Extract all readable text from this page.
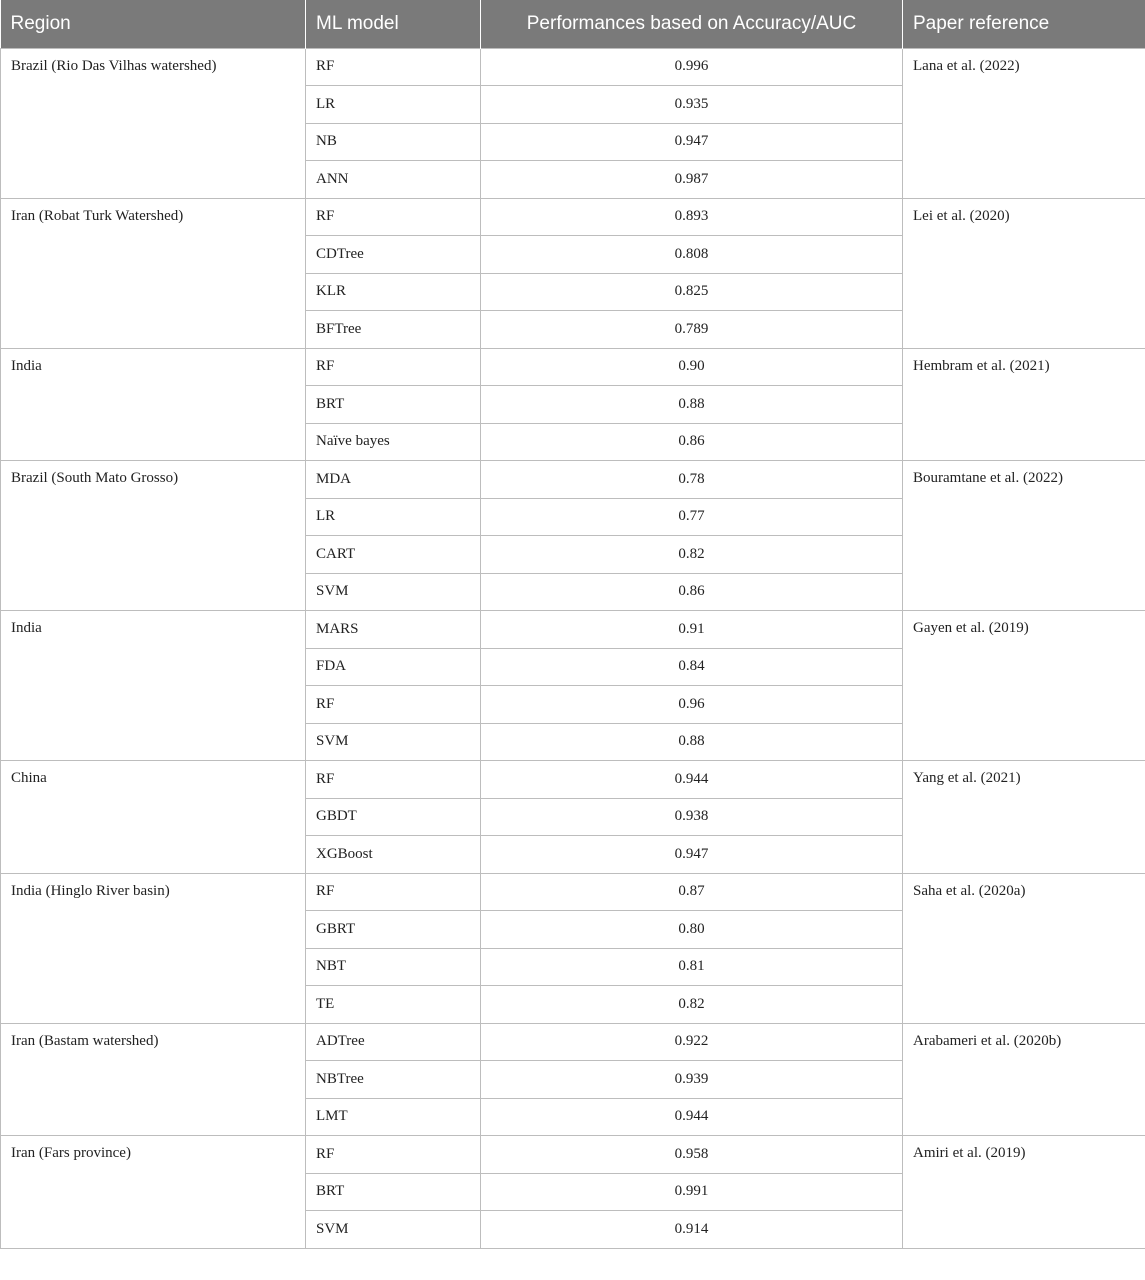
Region	ML model	Performances based on Accuracy/AUC	Paper reference
Brazil (Rio Das Vilhas watershed)	RF	0.996	Lana et al. (2022)
	LR	0.935	
	NB	0.947	
	ANN	0.987	
Iran (Robat Turk Watershed)	RF	0.893	Lei et al. (2020)
	CDTree	0.808	
	KLR	0.825	
	BFTree	0.789	
India	RF	0.90	Hembram et al. (2021)
	BRT	0.88	
	Naïve bayes	0.86	
Brazil (South Mato Grosso)	MDA	0.78	Bouramtane et al. (2022)
	LR	0.77	
	CART	0.82	
	SVM	0.86	
India	MARS	0.91	Gayen et al. (2019)
	FDA	0.84	
	RF	0.96	
	SVM	0.88	
China	RF	0.944	Yang et al. (2021)
	GBDT	0.938	
	XGBoost	0.947	
India (Hinglo River basin)	RF	0.87	Saha et al. (2020a)
	GBRT	0.80	
	NBT	0.81	
	TE	0.82	
Iran (Bastam watershed)	ADTree	0.922	Arabameri et al. (2020b)
	NBTree	0.939	
	LMT	0.944	
Iran (Fars province)	RF	0.958	Amiri et al. (2019)
	BRT	0.991	
	SVM	0.914	
